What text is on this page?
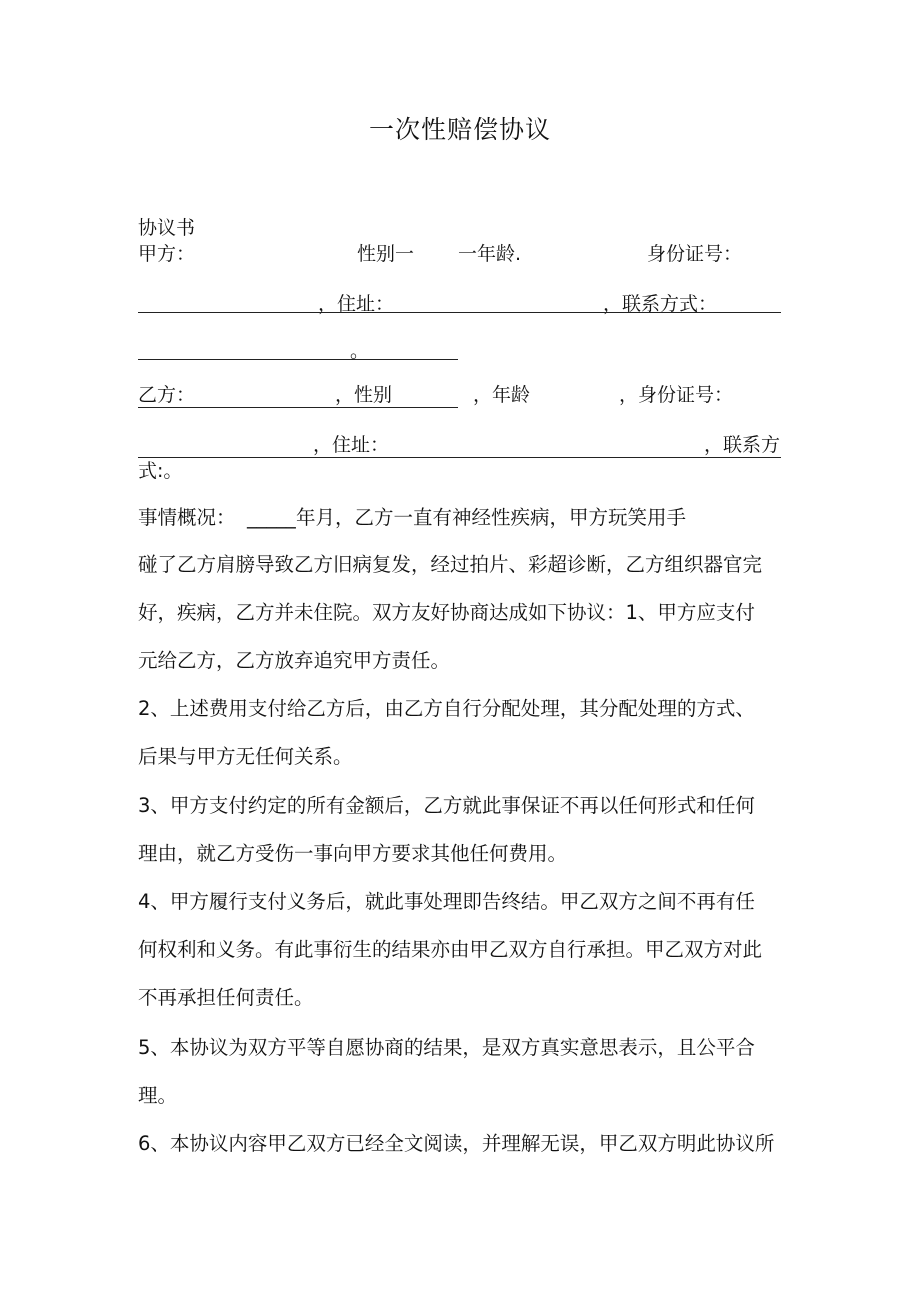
一次性赔偿协议
协议书
甲方：	性别一 一年龄.	身份证号：
，住址：	，联系方式：
。
乙方：	，性别	，年龄	，身份证号：
，住址：	，联系方
式:。
事情概况： _____ 年月，乙方一直有神经性疾病，甲方玩笑用手
碰了乙方肩膀导致乙方旧病复发，经过拍片、彩超诊断，乙方组织器官完
好，疾病，乙方并未住院。双方友好协商达成如下协议：1、甲方应支付
元给乙方，乙方放弃追究甲方责任。
2、上述费用支付给乙方后，由乙方自行分配处理，其分配处理的方式、
后果与甲方无任何关系。
3、甲方支付约定的所有金额后，乙方就此事保证不再以任何形式和任何
理由，就乙方受伤一事向甲方要求其他任何费用。
4、甲方履行支付义务后，就此事处理即告终结。甲乙双方之间不再有任
何权利和义务。有此事衍生的结果亦由甲乙双方自行承担。甲乙双方对此
不再承担任何责任。
5、本协议为双方平等自愿协商的结果，是双方真实意思表示，且公平合
理。
6、本协议内容甲乙双方已经全文阅读，并理解无误，甲乙双方明此协议所
